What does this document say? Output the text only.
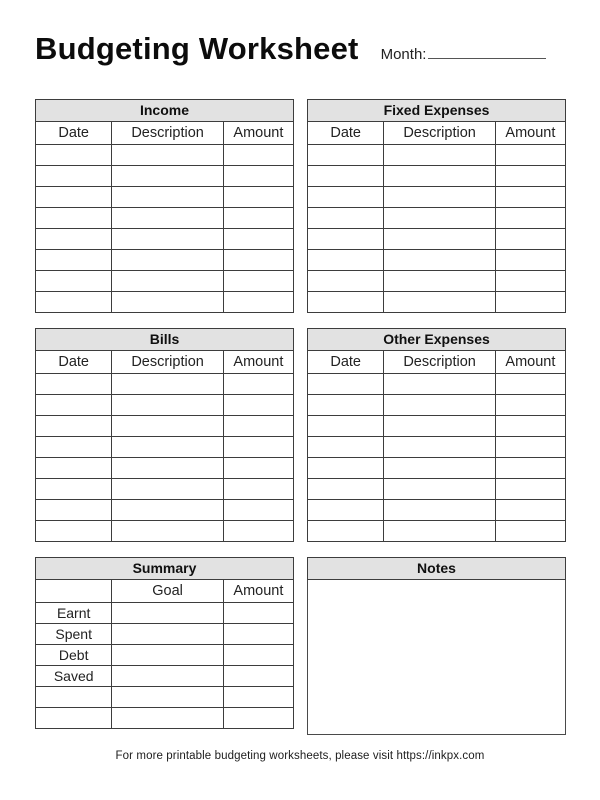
Budgeting Worksheet Month:
Income
Date	Description	Amount

Fixed Expenses
Date	Description	Amount

Bills
Date	Description	Amount

Other Expenses
Date	Description	Amount

Summary
	Goal	Amount
Earnt		
Spent		
Debt		
Saved		

Notes
For more printable budgeting worksheets, please visit https://inkpx.com
